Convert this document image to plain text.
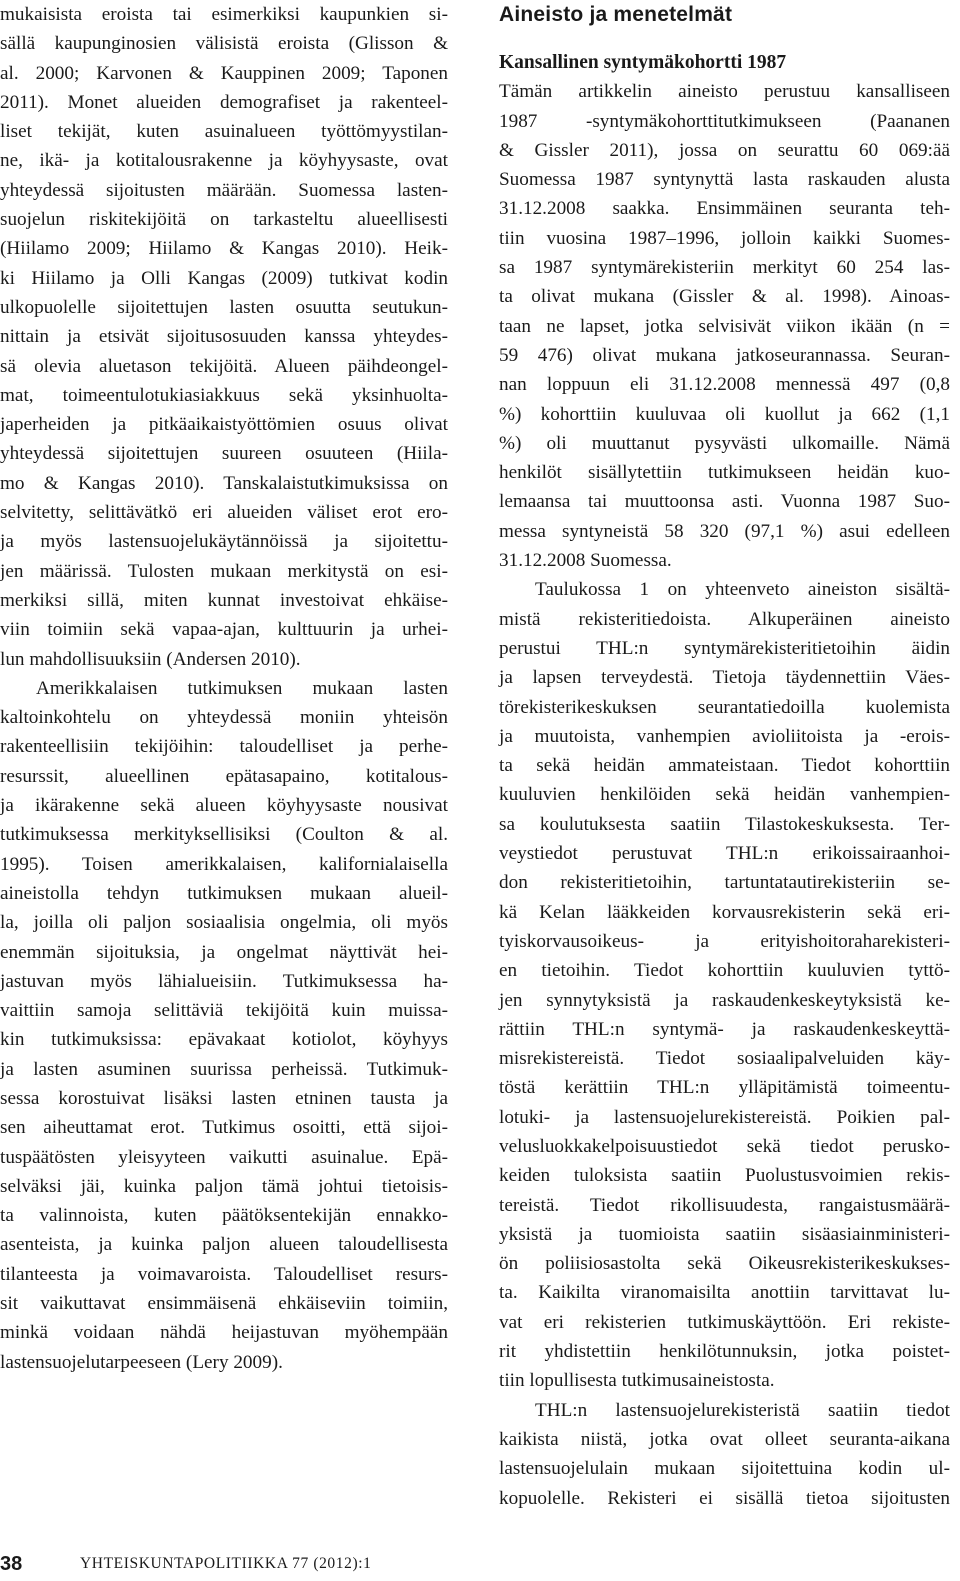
mukaisista eroista tai esimerkiksi kaupunkien si-
sällä kaupunginosien välisistä eroista (Glisson &
al. 2000; Karvonen & Kauppinen 2009; Taponen
2011). Monet alueiden demografiset ja rakenteel-
liset tekijät, kuten asuinalueen työttömyystilan-
ne, ikä- ja kotitalousrakenne ja köyhyysaste, ovat
yhteydessä sijoitusten määrään. Suomessa lasten-
suojelun riskitekijöitä on tarkasteltu alueellisesti
(Hiilamo 2009; Hiilamo & Kangas 2010). Heik-
ki Hiilamo ja Olli Kangas (2009) tutkivat kodin
ulkopuolelle sijoitettujen lasten osuutta seutukun-
nittain ja etsivät sijoitusosuuden kanssa yhteydes-
sä olevia aluetason tekijöitä. Alueen päihdeongel-
mat, toimeentulotukiasiakkuus sekä yksinhuolta-
japerheiden ja pitkäaikaistyöttömien osuus olivat
yhteydessä sijoitettujen suureen osuuteen (Hiila-
mo & Kangas 2010). Tanskalaistutkimuksissa on
selvitetty, selittävätkö eri alueiden väliset erot ero-
ja myös lastensuojelukäytännöissä ja sijoitettu-
jen määrissä. Tulosten mukaan merkitystä on esi-
merkiksi sillä, miten kunnat investoivat ehkäise-
viin toimiin sekä vapaa-ajan, kulttuurin ja urhei-
lun mahdollisuuksiin (Andersen 2010).
Amerikkalaisen tutkimuksen mukaan lasten
kaltoinkohtelu on yhteydessä moniin yhteisön
rakenteellisiin tekijöihin: taloudelliset ja perhe-
resurssit, alueellinen epätasapaino, kotitalous-
ja ikärakenne sekä alueen köyhyysaste nousivat
tutkimuksessa merkityksellisiksi (Coulton & al.
1995). Toisen amerikkalaisen, kalifornialaisella
aineistolla tehdyn tutkimuksen mukaan alueil-
la, joilla oli paljon sosiaalisia ongelmia, oli myös
enemmän sijoituksia, ja ongelmat näyttivät hei-
jastuvan myös lähialueisiin. Tutkimuksessa ha-
vaittiin samoja selittäviä tekijöitä kuin muissa-
kin tutkimuksissa: epävakaat kotiolot, köyhyys
ja lasten asuminen suurissa perheissä. Tutkimuk-
sessa korostuivat lisäksi lasten etninen tausta ja
sen aiheuttamat erot. Tutkimus osoitti, että sijoi-
tuspäätösten yleisyyteen vaikutti asuinalue. Epä-
selväksi jäi, kuinka paljon tämä johtui tietoisis-
ta valinnoista, kuten päätöksentekijän ennakko-
asenteista, ja kuinka paljon alueen taloudellisesta
tilanteesta ja voimavaroista. Taloudelliset resurs-
sit vaikuttavat ensimmäisenä ehkäiseviin toimiin,
minkä voidaan nähdä heijastuvan myöhempään
lastensuojelutarpeeseen (Lery 2009).
Aineisto ja menetelmät
Kansallinen syntymäkohortti 1987
Tämän artikkelin aineisto perustuu kansalliseen
1987 -syntymäkohorttitutkimukseen (Paananen
& Gissler 2011), jossa on seurattu 60 069:ää
Suomessa 1987 syntynyttä lasta raskauden alusta
31.12.2008 saakka. Ensimmäinen seuranta teh-
tiin vuosina 1987–1996, jolloin kaikki Suomes-
sa 1987 syntymärekisteriin merkityt 60 254 las-
ta olivat mukana (Gissler & al. 1998). Ainoas-
taan ne lapset, jotka selvisivät viikon ikään (n =
59 476) olivat mukana jatkoseurannassa. Seuran-
nan loppuun eli 31.12.2008 mennessä 497 (0,8
%) kohorttiin kuuluvaa oli kuollut ja 662 (1,1
%) oli muuttanut pysyvästi ulkomaille. Nämä
henkilöt sisällytettiin tutkimukseen heidän kuo-
lemaansa tai muuttoonsa asti. Vuonna 1987 Suo-
messa syntyneistä 58 320 (97,1 %) asui edelleen
31.12.2008 Suomessa.
Taulukossa 1 on yhteenveto aineiston sisältä-
mistä rekisteritiedoista. Alkuperäinen aineisto
perustui THL:n syntymärekisteritietoihin äidin
ja lapsen terveydestä. Tietoja täydennettiin Väes-
törekisterikeskuksen seurantatiedoilla kuolemista
ja muutoista, vanhempien avioliitoista ja -erois-
ta sekä heidän ammateistaan. Tiedot kohorttiin
kuuluvien henkilöiden sekä heidän vanhempien-
sa koulutuksesta saatiin Tilastokeskuksesta. Ter-
veystiedot perustuvat THL:n erikoissairaanhoi-
don rekisteritietoihin, tartuntatautirekisteriin se-
kä Kelan lääkkeiden korvausrekisterin sekä eri-
tyiskorvausoikeus- ja erityishoitoraharekisteri-
en tietoihin. Tiedot kohorttiin kuuluvien tyttö-
jen synnytyksistä ja raskaudenkeskeytyksistä ke-
rättiin THL:n syntymä- ja raskaudenkeskeyttä-
misrekistereistä. Tiedot sosiaalipalveluiden käy-
töstä kerättiin THL:n ylläpitämistä toimeentu-
lotuki- ja lastensuojelurekistereistä. Poikien pal-
velusluokkakelpoisuustiedot sekä tiedot perusko-
keiden tuloksista saatiin Puolustusvoimien rekis-
tereistä. Tiedot rikollisuudesta, rangaistusmäärä-
yksistä ja tuomioista saatiin sisäasiainministeri-
ön poliisiosastolta sekä Oikeusrekisterikeskukses-
ta. Kaikilta viranomaisilta anottiin tarvittavat lu-
vat eri rekisterien tutkimuskäyttöön. Eri rekiste-
rit yhdistettiin henkilötunnuksin, jotka poistet-
tiin lopullisesta tutkimusaineistosta.
THL:n lastensuojelurekisteristä saatiin tiedot
kaikista niistä, jotka ovat olleet seuranta-aikana
lastensuojelulain mukaan sijoitettuina kodin ul-
kopuolelle. Rekisteri ei sisällä tietoa sijoitusten
38	YHTEISKUNTAPOLITIIKKA 77 (2012):1
